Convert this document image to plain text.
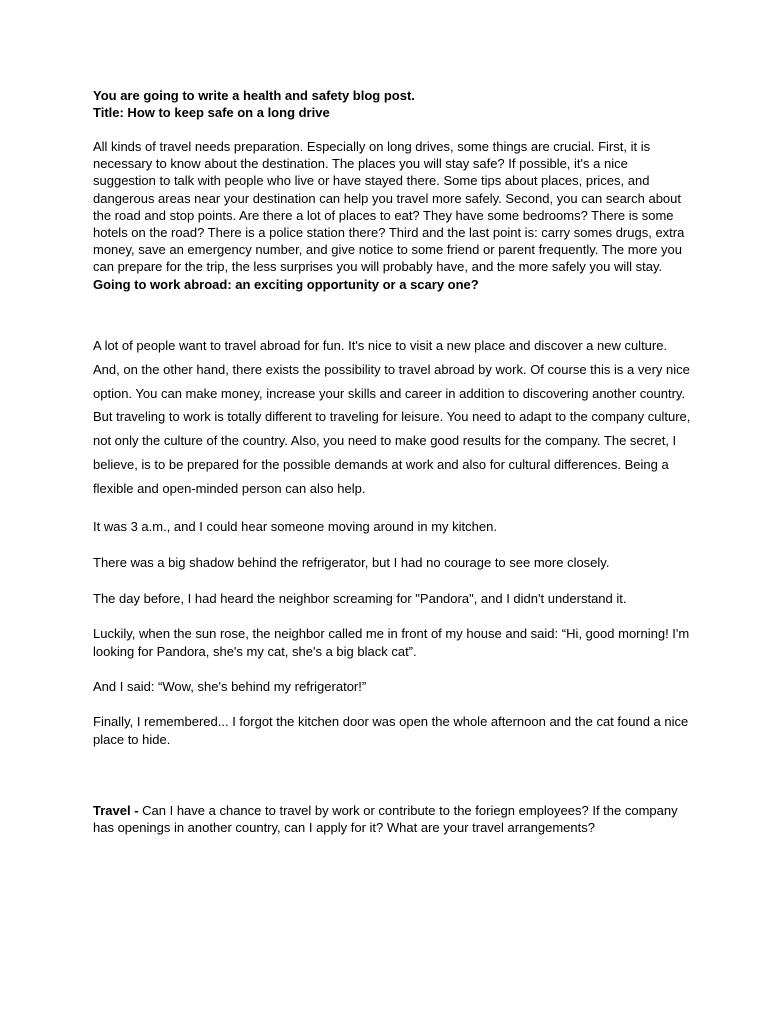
You are going to write a health and safety blog post.
Title: How to keep safe on a long drive

All kinds of travel needs preparation. Especially on long drives, some things are crucial. First, it is necessary to know about the destination. The places you will stay safe? If possible, it's a nice suggestion to talk with people who live or have stayed there. Some tips about places, prices, and dangerous areas near your destination can help you travel more safely. Second, you can search about the road and stop points. Are there a lot of places to eat? They have some bedrooms? There is some hotels on the road? There is a police station there? Third and the last point is: carry somes drugs, extra money, save an emergency number, and give notice to some friend or parent frequently. The more you can prepare for the trip, the less surprises you will probably have, and the more safely you will stay. Going to work abroad: an exciting opportunity or a scary one?

A lot of people want to travel abroad for fun. It's nice to visit a new place and discover a new culture. And, on the other hand, there exists the possibility to travel abroad by work. Of course this is a very nice option. You can make money, increase your skills and career in addition to discovering another country. But traveling to work is totally different to traveling for leisure. You need to adapt to the company culture, not only the culture of the country. Also, you need to make good results for the company. The secret, I believe, is to be prepared for the possible demands at work and also for cultural differences. Being a flexible and open-minded person can also help.

It was 3 a.m., and I could hear someone moving around in my kitchen.
There was a big shadow behind the refrigerator, but I had no courage to see more closely.
The day before, I had heard the neighbor screaming for "Pandora", and I didn't understand it.

Luckily, when the sun rose, the neighbor called me in front of my house and said: “Hi, good morning! I'm looking for Pandora, she's my cat, she's a big black cat”.

And I said: “Wow, she's behind my refrigerator!”

Finally, I remembered... I forgot the kitchen door was open the whole afternoon and the cat found a nice place to hide.

Travel - Can I have a chance to travel by work or contribute to the foriegn employees? If the company has openings in another country, can I apply for it? What are your travel arrangements?
